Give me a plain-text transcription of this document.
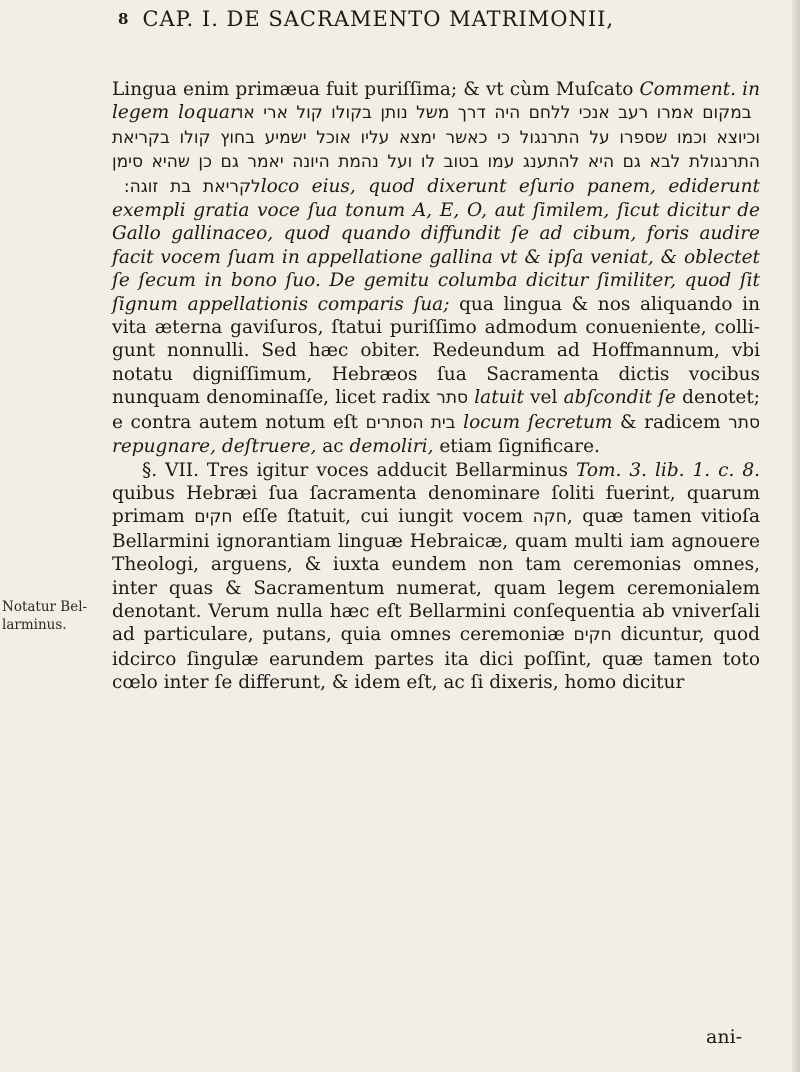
8 CAP. I. DE SACRAMENTO MATRIMONII,

Lingua enim primæua fuit puriſſima; & vt cùm Muſcato Comment. in legem loquar במקום אמרו רעב אנכי ללחם היה דרך משל נותן בקולו קול ארי או וכיוצא וכמו שספרו על התרנגול כי כאשר ימצא עליו אוכל ישמיע בחוץ קולו בקריאת התרנגולת לבא גם היא להתענג עמו בטוב לו ועל נהמת היונה יאמר גם כן שהיא סימן לקריאת בת זוגה: loco eius, quod dixerunt eſurio panem, ediderunt exempli gratia voce ſua tonum A, E, O, aut ſimilem, ſicut dicitur de Gallo gallinaceo, quod quando diffundit ſe ad cibum, foris audire facit vocem ſuam in appellatione gallina vt & ipſa veniat, & oblectet ſe ſecum in bono ſuo. De gemitu columba dicitur ſimiliter, quod ſit ſignum appellationis comparis ſua; qua lingua & nos aliquando in vita æterna gaviſuros, ſtatui puriſſimo admodum conueniente, colligunt nonnulli. Sed hæc obiter. Redeundum ad Hoffmannum, vbi notatu digniſſimum, Hebræos ſua Sacramenta dictis vocibus nunquam denominaſſe, licet radix סתר latuit vel abſcondit ſe denotet; e contra autem notum eſt בית הסתרים locum ſecretum & radicem סתר repugnare, deſtruere, ac demoliri, etiam ſignificare.

§. VII. Tres igitur voces adducit Bellarminus Tom. 3. lib. 1. c. 8. quibus Hebræi ſua ſacramenta denominare ſoliti fuerint, quarum primam חקים eſſe ſtatuit, cui iungit vocem חקה, quæ tamen vitioſa Bellarmini ignorantiam linguæ Hebraicæ, quam multi iam agnouere Theologi, arguens, & iuxta eundem non tam ceremonias omnes, inter quas & Sacramentum numerat, quam legem ceremonialem denotant. Verum nulla hæc eſt Bellarmini conſequentia ab vniverſali ad particulare, putans, quia omnes ceremoniæ חקים dicuntur, quod idcirco ſingulæ earundem partes ita dici poſſint, quæ tamen toto cœlo inter ſe differunt, & idem eſt, ac ſi dixeris, homo dicitur

Notatur Bellarminus.
ani-
